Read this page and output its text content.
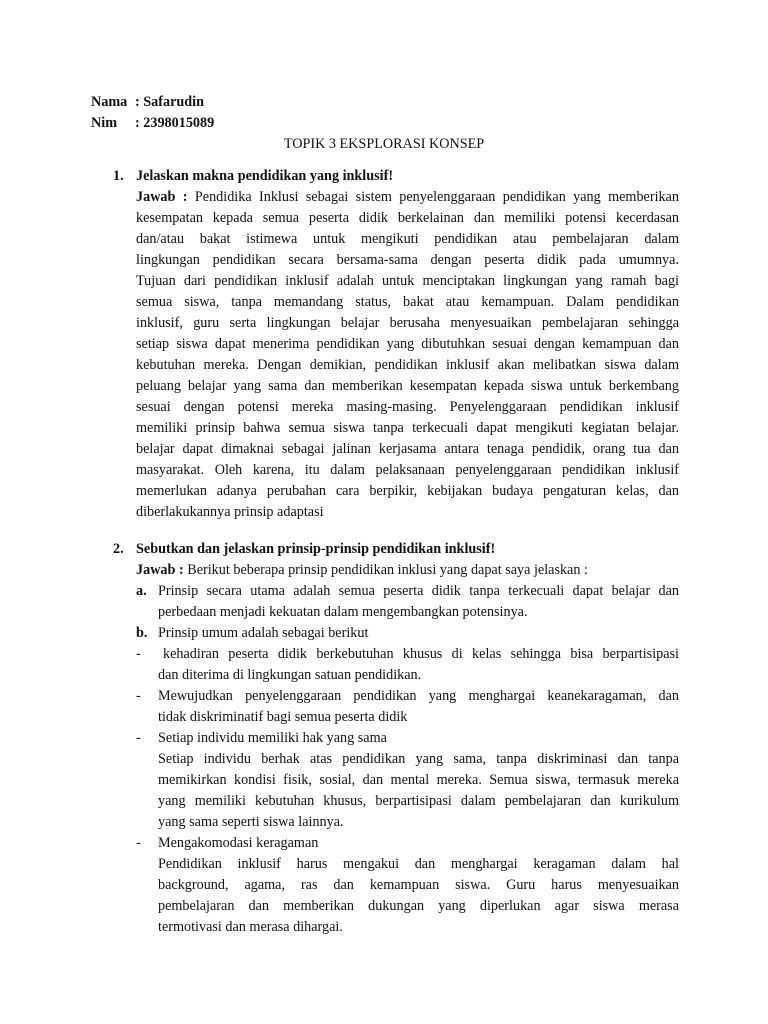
Nama : Safarudin
Nim : 2398015089
TOPIK 3 EKSPLORASI KONSEP
1. Jelaskan makna pendidikan yang inklusif!
Jawab : Pendidika Inklusi sebagai sistem penyelenggaraan pendidikan yang memberikan
kesempatan kepada semua peserta didik berkelainan dan memiliki potensi kecerdasan
dan/atau bakat istimewa untuk mengikuti pendidikan atau pembelajaran dalam
lingkungan pendidikan secara bersama-sama dengan peserta didik pada umumnya.
Tujuan dari pendidikan inklusif adalah untuk menciptakan lingkungan yang ramah bagi
semua siswa, tanpa memandang status, bakat atau kemampuan. Dalam pendidikan
inklusif, guru serta lingkungan belajar berusaha menyesuaikan pembelajaran sehingga
setiap siswa dapat menerima pendidikan yang dibutuhkan sesuai dengan kemampuan dan
kebutuhan mereka. Dengan demikian, pendidikan inklusif akan melibatkan siswa dalam
peluang belajar yang sama dan memberikan kesempatan kepada siswa untuk berkembang
sesuai dengan potensi mereka masing-masing. Penyelenggaraan pendidikan inklusif
memiliki prinsip bahwa semua siswa tanpa terkecuali dapat mengikuti kegiatan belajar.
belajar dapat dimaknai sebagai jalinan kerjasama antara tenaga pendidik, orang tua dan
masyarakat. Oleh karena, itu dalam pelaksanaan penyelenggaraan pendidikan inklusif
memerlukan adanya perubahan cara berpikir, kebijakan budaya pengaturan kelas, dan
diberlakukannya prinsip adaptasi
2. Sebutkan dan jelaskan prinsip-prinsip pendidikan inklusif!
Jawab : Berikut beberapa prinsip pendidikan inklusi yang dapat saya jelaskan :
a. Prinsip secara utama adalah semua peserta didik tanpa terkecuali dapat belajar dan
perbedaan menjadi kekuatan dalam mengembangkan potensinya.
b. Prinsip umum adalah sebagai berikut
- kehadiran peserta didik berkebutuhan khusus di kelas sehingga bisa berpartisipasi
dan diterima di lingkungan satuan pendidikan.
- Mewujudkan penyelenggaraan pendidikan yang menghargai keanekaragaman, dan
tidak diskriminatif bagi semua peserta didik
- Setiap individu memiliki hak yang sama
Setiap individu berhak atas pendidikan yang sama, tanpa diskriminasi dan tanpa
memikirkan kondisi fisik, sosial, dan mental mereka. Semua siswa, termasuk mereka
yang memiliki kebutuhan khusus, berpartisipasi dalam pembelajaran dan kurikulum
yang sama seperti siswa lainnya.
- Mengakomodasi keragaman
Pendidikan inklusif harus mengakui dan menghargai keragaman dalam hal
background, agama, ras dan kemampuan siswa. Guru harus menyesuaikan
pembelajaran dan memberikan dukungan yang diperlukan agar siswa merasa
termotivasi dan merasa dihargai.
